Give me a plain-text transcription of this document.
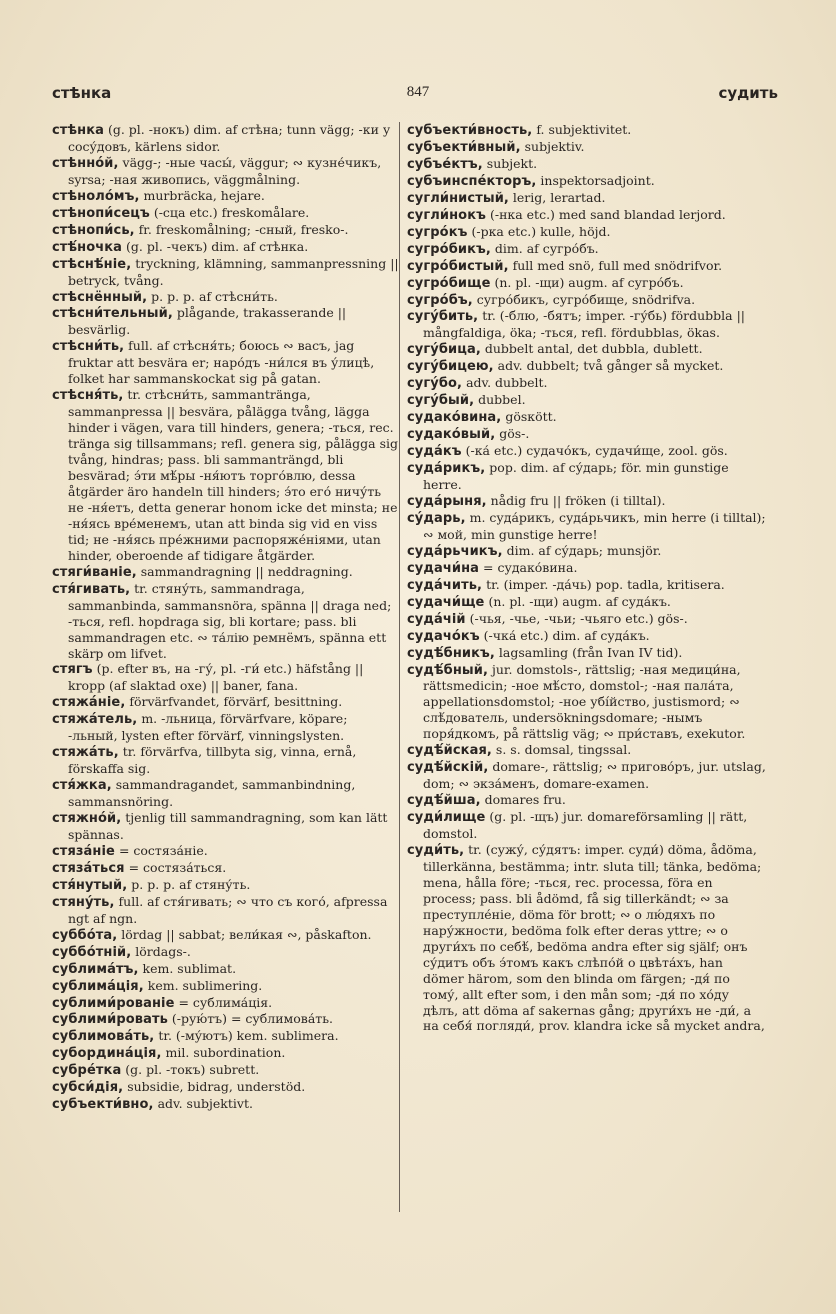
стѣнка	847	судить

стѣнка (g. pl. -нокъ) dim. af стѣна; tunn vägg; -ки у сосу́довъ, kärlens sidor.

стѣнно́й, vägg-; -ные часы́, väggur; ∾ кузне́чикъ, syrsa; -ная живопись, väggmålning.

стѣноло́мъ, murbräcka, hejare.

стѣнопи́сецъ (-сца etc.) freskomålare.

стѣнопи́сь, fr. freskomålning; -сный, fresko-.

стѣ́ночка (g. pl. -чекъ) dim. af стѣнка.

стѣснѣ́ніе, tryckning, klämning, sammanpressning || betryck, tvång.

стѣснённый, p. p. p. af стѣсни́ть.

стѣсни́тельный, plågande, trakasserande || besvärlig.

стѣсни́ть, full. af стѣсня́ть; боюсь ∾ васъ, jag fruktar att besvära er; наро́дъ -ни́лся въ у́лицѣ, folket har sammanskockat sig på gatan.

стѣсня́ть, tr. стѣсни́ть, sammanträngа, sammanpressa || besvära, pålägga tvång, lägga hinder i vägen, vara till hinders, genera; -ться, rec. tränga sig tillsammans; refl. genera sig, pålägga sig tvång, hindras; pass. bli sammanträngd, bli besvärad; э́ти мѣ́ры -ня́ютъ торго́влю, dessa åtgärder äro handeln till hinders; э́то его́ ничу́ть не -ня́етъ, detta generar honom icke det minsta; не -ня́ясь вре́менемъ, utan att binda sig vid en viss tid; не -ня́ясь пре́жними распоряже́ніями, utan hinder, oberoende af tidigare åtgärder.

стяги́ваніе, sammandragning || neddragning.

стя́гивать, tr. стяну́ть, sammandraga, sammanbinda, sammansnöra, spänna || draga ned; -ться, refl. hopdraga sig, bli kortare; pass. bli sammandragen etc. ∾ та́лію ремнёмъ, spänna ett skärp om lifvet.

стягъ (p. efter въ, на -гу́, pl. -ги́ etc.) häfstång || kropp (af slaktad oxe) || baner, fana.

стяжа́ніе, förvärfvandet, förvärf, besittning.

стяжа́тель, m. -льница, förvärfvare, köpare; -льный, lysten efter förvärf, vinningslysten.

стяжа́ть, tr. förvärfva, tillbyta sig, vinna, ernå, förskaffa sig.

стя́жка, sammandragandet, sammanbindning, sammansnöring.

стяжно́й, tjenlig till sammandragning, som kan lätt spännas.

стяза́ніе = состяза́ніе.

стяза́ться = состяза́ться.

стя́нутый, p. p. p. af стяну́ть.

стяну́ть, full. af стя́гивать; ∾ что съ кого́, afpressa ngt af ngn.

суббо́та, lördag || sabbat; вели́кая ∾, påskafton.

суббо́тній, lördags-.

сублима́тъ, kem. sublimat.

сублима́ція, kem. sublimering.

сублими́рованіе = сублима́ція.

сублими́ровать (-рую́тъ) = сублимова́ть.

сублимова́ть, tr. (-му́ютъ) kem. sublimera.

субордина́ція, mil. subordination.

субре́тка (g. pl. -токъ) subrett.

субси́дія, subsidie, bidrag, understöd.

субъекти́вно, adv. subjektivt.

субъекти́вность, f. subjektivitet.

субъекти́вный, subjektiv.

субъе́ктъ, subjekt.

субъинспе́кторъ, inspektorsadjoint.

сугли́нистый, lerig, lerartad.

сугли́нокъ (-нка etc.) med sand blandad lerjord.

сугро́къ (-рка etc.) kulle, höjd.

сугро́бикъ, dim. af сугро́бъ.

сугро́бистый, full med snö, full med snödrifvor.

сугро́бище (n. pl. -щи) augm. af сугро́бъ.

сугро́бъ, сугро́бикъ, сугро́бище, snödrifva.

сугу́бить, tr. (-блю, -бятъ; imper. -гу́бь) fördubbla || mångfaldiga, öka; -ться, refl. fördubblas, ökas.

сугу́бица, dubbelt antal, det dubbla, dublett.

сугу́бицею, adv. dubbelt; två gånger så mycket.

сугу́бо, adv. dubbelt.

сугу́бый, dubbel.

судако́вина, gösкött.

судако́вый, gös-.

суда́къ (-ка́ etc.) судачо́къ, судачи́ще, zool. gös.

суда́рикъ, pop. dim. af су́дарь; för. min gunstige herre.

суда́рыня, nådig fru || fröken (i tilltal).

су́дарь, m. суда́рикъ, суда́рьчикъ, min herre (i tilltal); ∾ мой, min gunstige herre!

суда́рьчикъ, dim. af су́дарь; munsjör.

судачи́на = судако́вина.

суда́чить, tr. (imper. -да́чь) pop. tadla, kritisera.

судачи́ще (n. pl. -щи) augm. af суда́къ.

суда́чій (-чья, -чье, -чьи; -чьяго etc.) gös-.

судачо́къ (-чка́ etc.) dim. af суда́къ.

судѣ́бникъ, lagsamling (från Ivan IV tid).

судѣ́бный, jur. domstols-, rättslig; -ная медици́на, rättsmedicin; -ное мѣ́сто, domstol-; -ная пала́та, appellationsdomstol; -ное убі́йство, justismord; ∾ слѣ́дователь, undersökningsdomare; -нымъ поря́дкомъ, på rättslig väg; ∾ при́ставъ, exekutor.

судѣ́йская, s. s. domsal, tingssal.

судѣ́йскій, domare-, rättslig; ∾ пригово́ръ, jur. utslag, dom; ∾ экза́менъ, domare-examen.

судѣ́йша, domares fru.

суди́лище (g. pl. -щъ) jur. domareförsamling || rätt, domstol.

суди́ть, tr. (сужу́, су́дятъ: imper. суди́) döma, ådöma, tillerkänna, bestämma; intr. sluta till; tänka, bedöma; mena, hålla före; -ться, rec. processa, föra en process; pass. bli ådömd, få sig tillerkändt; ∾ за преступле́ніе, döma för brott; ∾ о лю́дяхъ по нару́жности, bedöma folk efter deras yttre; ∾ о други́хъ по себѣ́, bedöma andra efter sig själf; онъ су́дитъ объ э́томъ какъ слѣпо́й о цвѣта́хъ, han dömer härom, som den blinda om färgen; -дя́ по тому́, allt efter som, i den mån som; -дя́ по хо́ду дѣлъ, att döma af sakernas gång; други́хъ не -ди́, a на себя́ погляди́, prov. klandra icke så mycket andra,
